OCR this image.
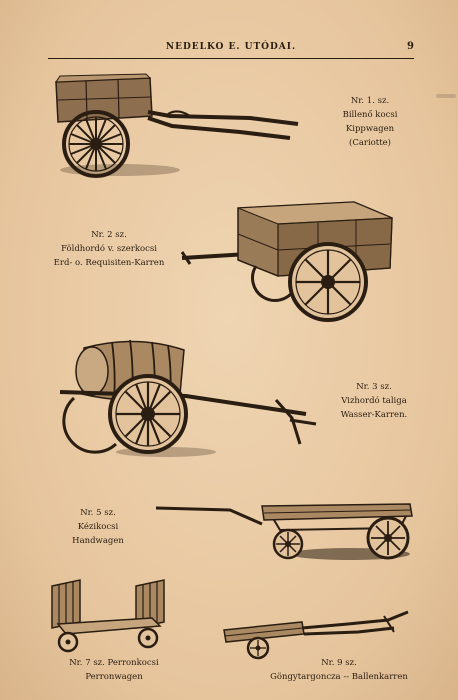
NEDELKO E. UTÓDAI.	9
Nr. 1. sz.
Billenő kocsi
Kippwagen
(Cariotte)
Nr. 2 sz.
Földhordó v. szerkocsi
Erd- o. Requisiten-Karren
Nr. 3 sz.
Vizhordó taliga
Wasser-Karren.
Nr. 5 sz.
Kézikocsi
Handwagen
Nr. 7 sz. Perronkocsi
Perronwagen
Nr. 9 sz.
Göngytargoncza -- Ballenkarren
